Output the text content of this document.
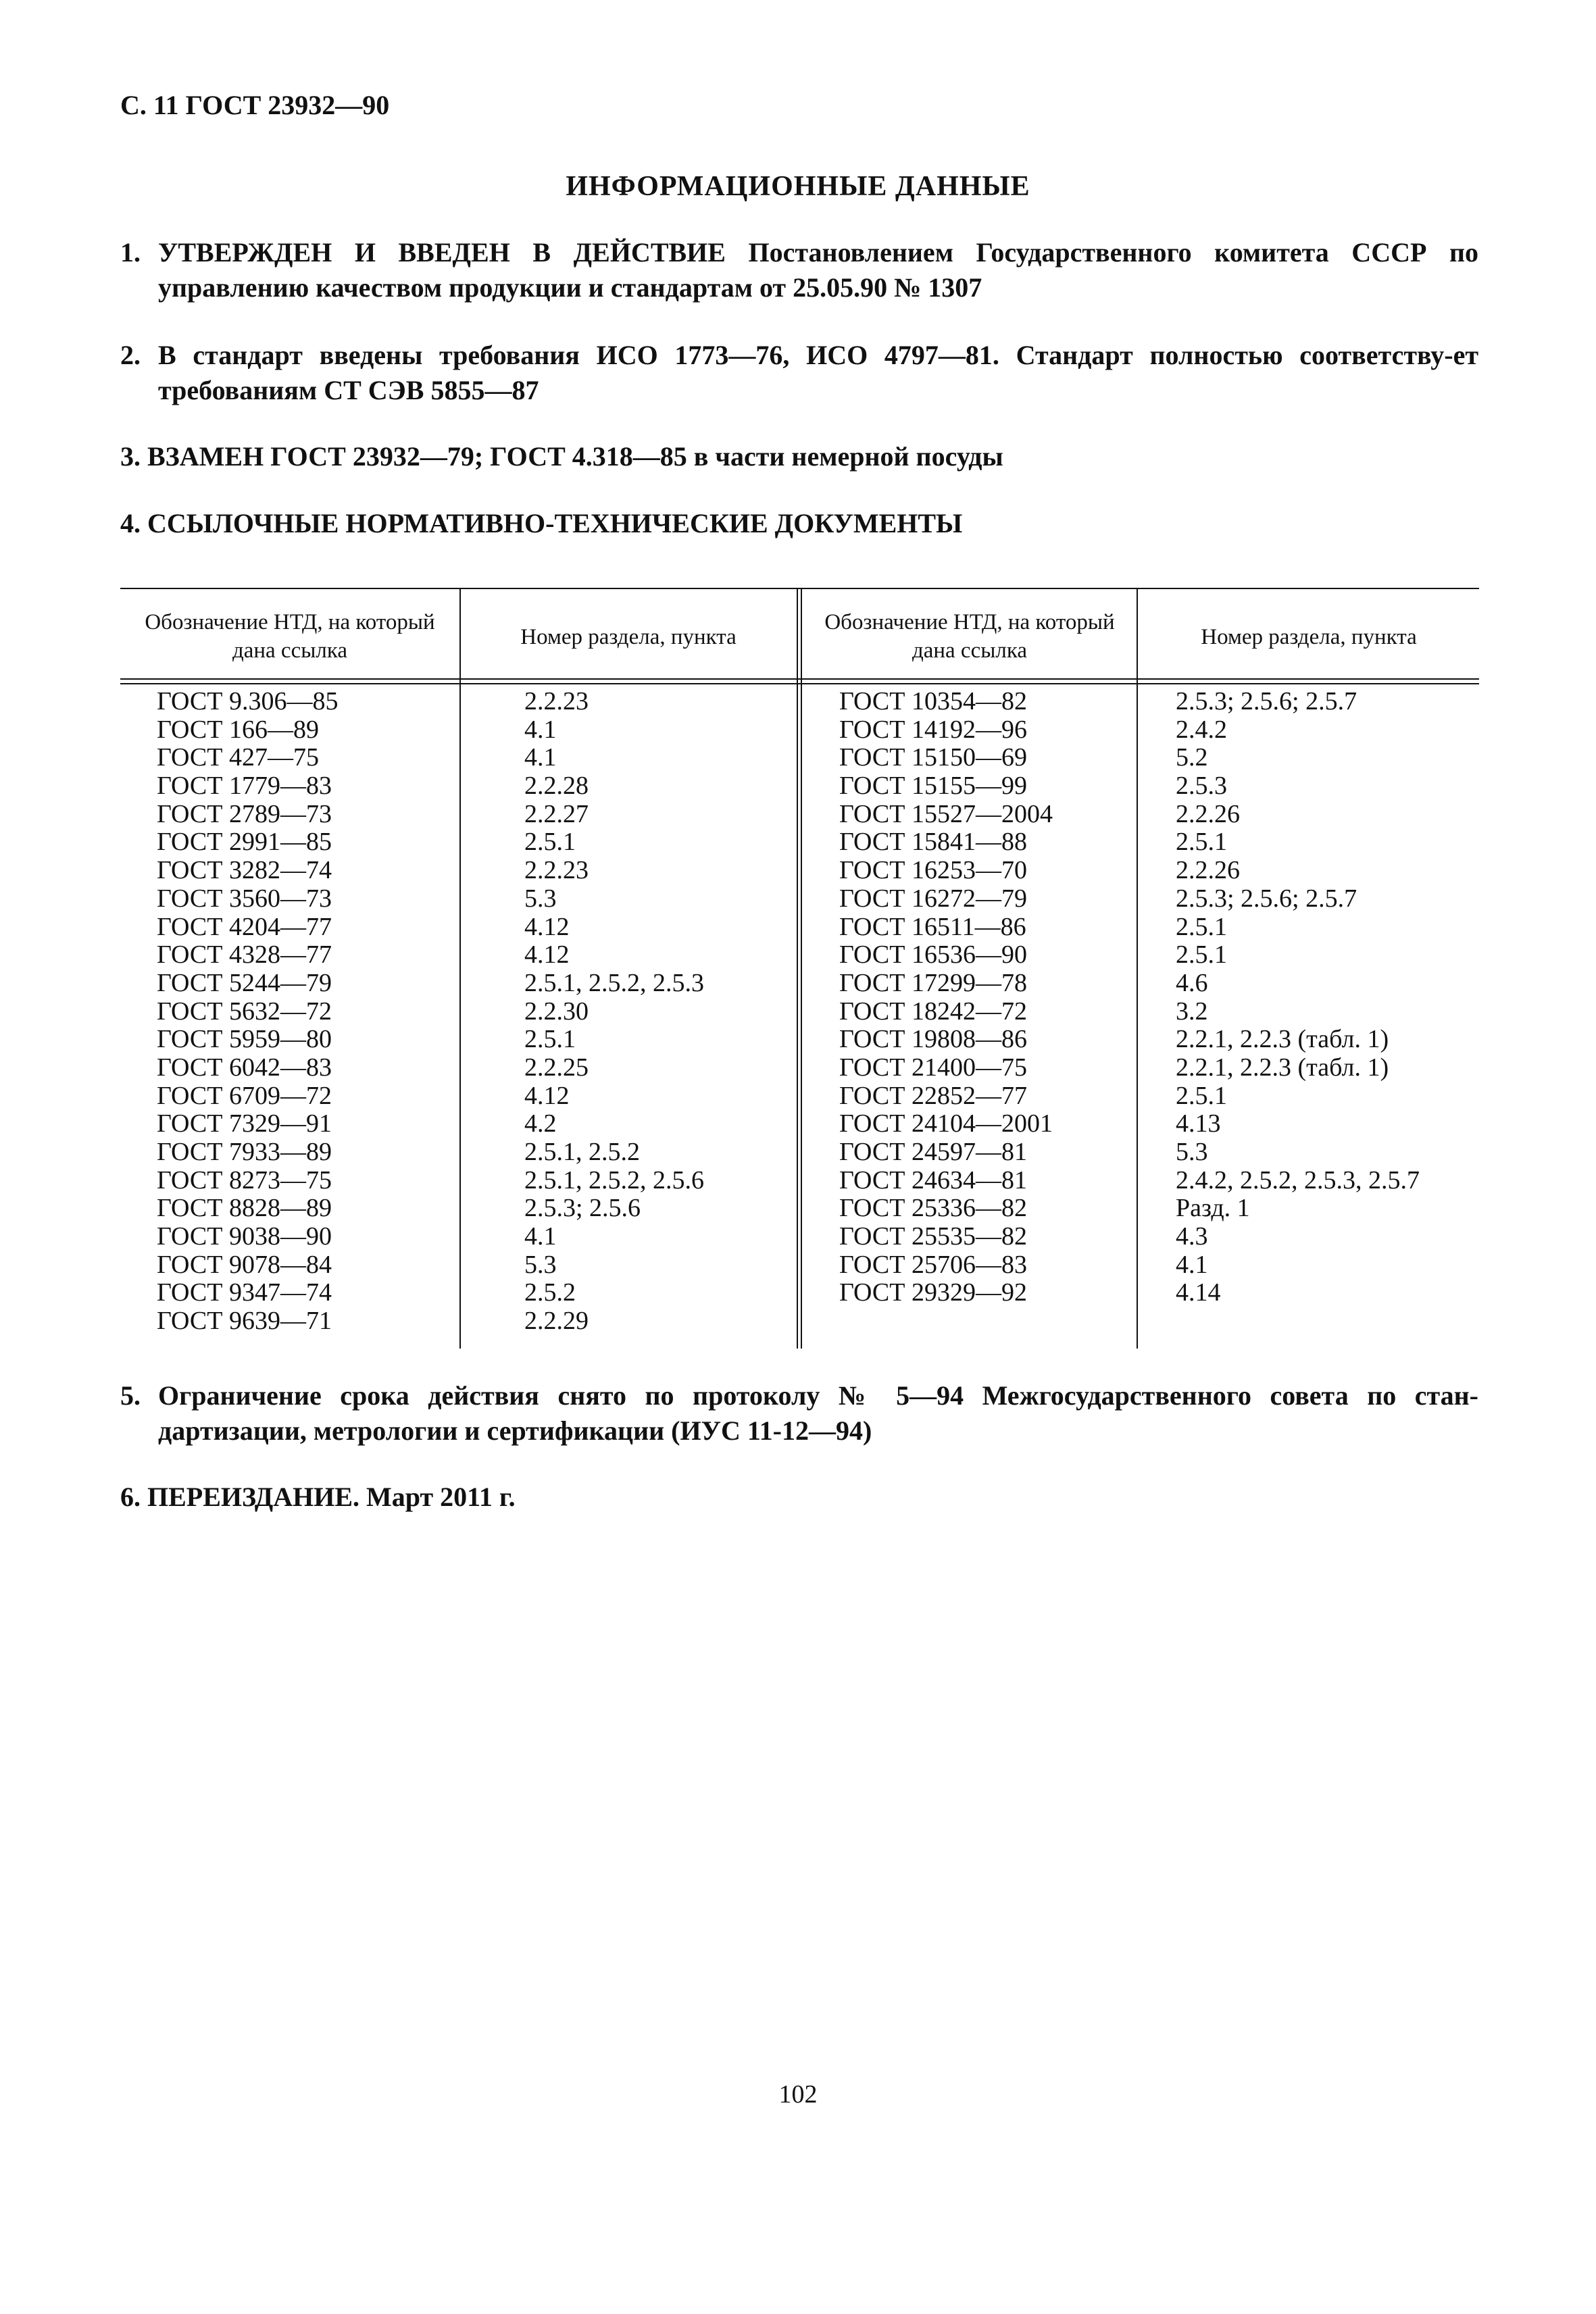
С. 11 ГОСТ 23932—90
ИНФОРМАЦИОННЫЕ ДАННЫЕ
1. УТВЕРЖДЕН И ВВЕДЕН В ДЕЙСТВИЕ Постановлением Государственного комитета СССР по управлению качеством продукции и стандартам от 25.05.90 № 1307
2. В стандарт введены требования ИСО 1773—76, ИСО 4797—81. Стандарт полностью соответству-ет требованиям СТ СЭВ 5855—87
3. ВЗАМЕН ГОСТ 23932—79; ГОСТ 4.318—85 в части немерной посуды
4. ССЫЛОЧНЫЕ НОРМАТИВНО-ТЕХНИЧЕСКИЕ ДОКУМЕНТЫ
Обозначение НТД, на который дана ссылка
Номер раздела, пункта
Обозначение НТД, на который дана ссылка
Номер раздела, пункта
ГОСТ 9.306—85
ГОСТ 166—89
ГОСТ 427—75
ГОСТ 1779—83
ГОСТ 2789—73
ГОСТ 2991—85
ГОСТ 3282—74
ГОСТ 3560—73
ГОСТ 4204—77
ГОСТ 4328—77
ГОСТ 5244—79
ГОСТ 5632—72
ГОСТ 5959—80
ГОСТ 6042—83
ГОСТ 6709—72
ГОСТ 7329—91
ГОСТ 7933—89
ГОСТ 8273—75
ГОСТ 8828—89
ГОСТ 9038—90
ГОСТ 9078—84
ГОСТ 9347—74
ГОСТ 9639—71
2.2.23
4.1
4.1
2.2.28
2.2.27
2.5.1
2.2.23
5.3
4.12
4.12
2.5.1, 2.5.2, 2.5.3
2.2.30
2.5.1
2.2.25
4.12
4.2
2.5.1, 2.5.2
2.5.1, 2.5.2, 2.5.6
2.5.3; 2.5.6
4.1
5.3
2.5.2
2.2.29
ГОСТ 10354—82
ГОСТ 14192—96
ГОСТ 15150—69
ГОСТ 15155—99
ГОСТ 15527—2004
ГОСТ 15841—88
ГОСТ 16253—70
ГОСТ 16272—79
ГОСТ 16511—86
ГОСТ 16536—90
ГОСТ 17299—78
ГОСТ 18242—72
ГОСТ 19808—86
ГОСТ 21400—75
ГОСТ 22852—77
ГОСТ 24104—2001
ГОСТ 24597—81
ГОСТ 24634—81
ГОСТ 25336—82
ГОСТ 25535—82
ГОСТ 25706—83
ГОСТ 29329—92
2.5.3; 2.5.6; 2.5.7
2.4.2
5.2
2.5.3
2.2.26
2.5.1
2.2.26
2.5.3; 2.5.6; 2.5.7
2.5.1
2.5.1
4.6
3.2
2.2.1, 2.2.3 (табл. 1)
2.2.1, 2.2.3 (табл. 1)
2.5.1
4.13
5.3
2.4.2, 2.5.2, 2.5.3, 2.5.7
Разд. 1
4.3
4.1
4.14
5. Ограничение срока действия снято по протоколу № 5—94 Межгосударственного совета по стан-дартизации, метрологии и сертификации (ИУС 11-12—94)
6. ПЕРЕИЗДАНИЕ. Март 2011 г.
102
